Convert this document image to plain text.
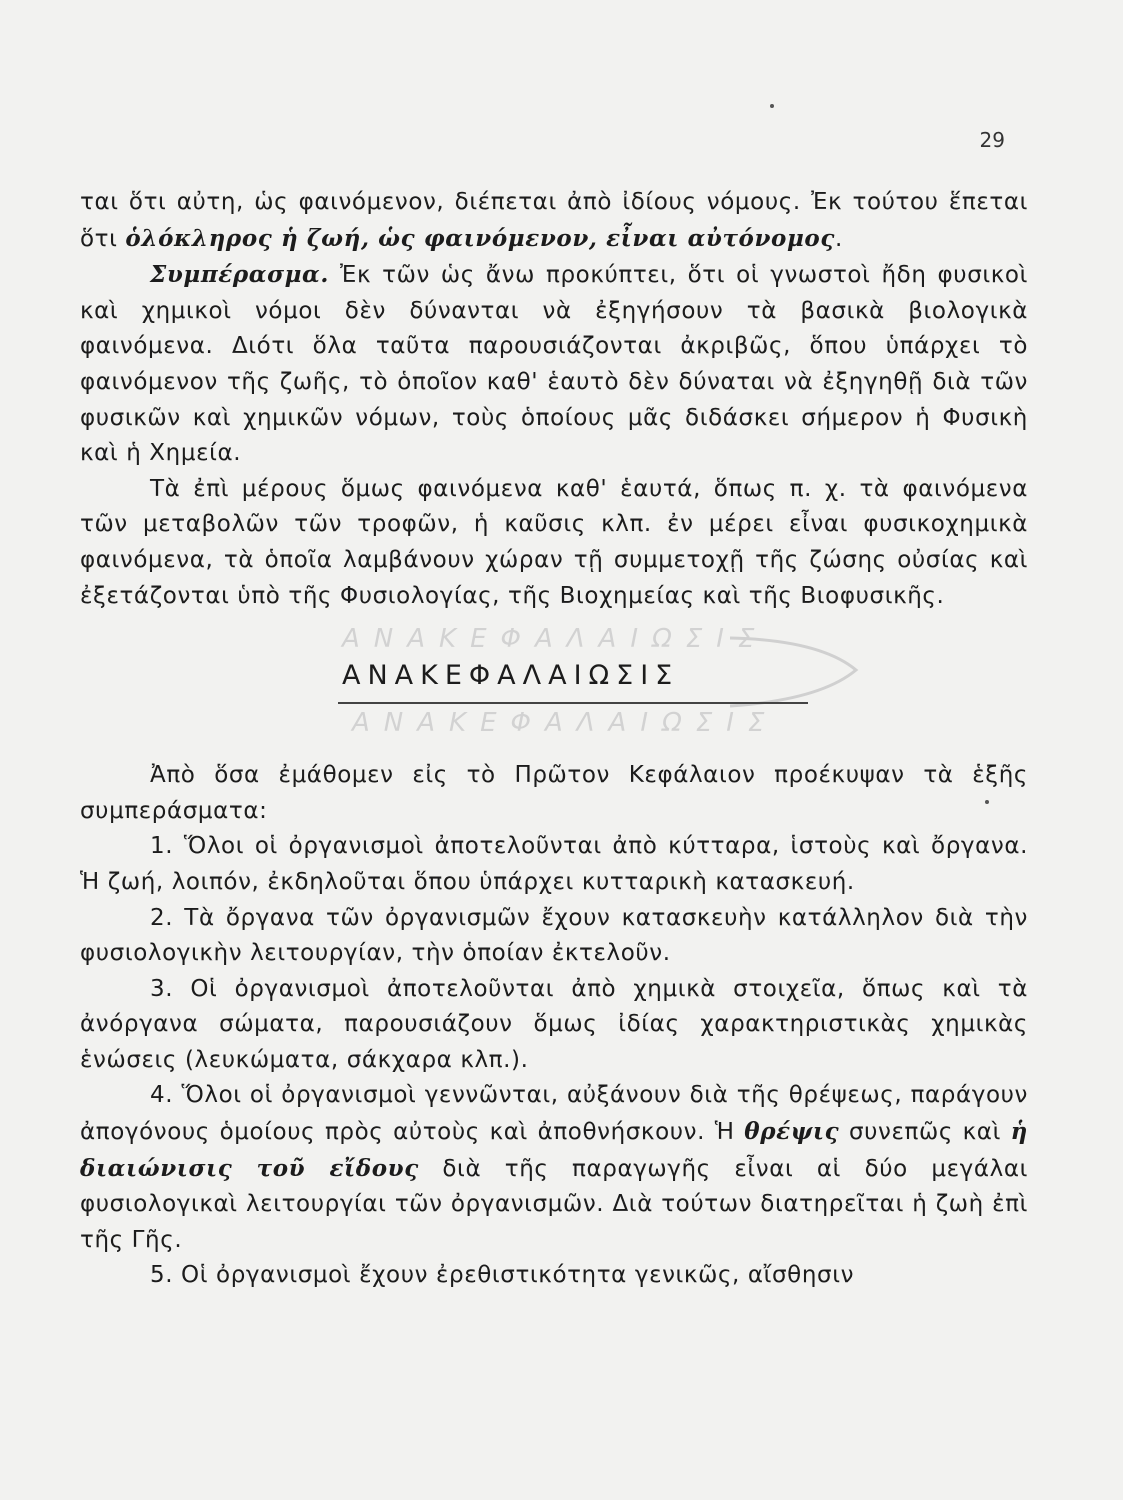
29

ται ὅτι αὐτη, ὡς φαινόμενον, διέπεται ἀπὸ ἰδίους νόμους. Ἐκ τούτου ἕπεται ὅτι ὁλόκληρος ἡ ζωή, ὡς φαινόμενον, εἶναι αὐτόνομος.

Συμπέρασμα. Ἐκ τῶν ὡς ἄνω προκύπτει, ὅτι οἱ γνωστοὶ ἤδη φυσικοὶ καὶ χημικοὶ νόμοι δὲν δύνανται νὰ ἐξηγήσουν τὰ βασικὰ βιολογικὰ φαινόμενα. Διότι ὅλα ταῦτα παρουσιάζονται ἀκριβῶς, ὅπου ὑπάρχει τὸ φαινόμενον τῆς ζωῆς, τὸ ὁποῖον καθ' ἑαυτὸ δὲν δύναται νὰ ἐξηγηθῇ διὰ τῶν φυσικῶν καὶ χημικῶν νόμων, τοὺς ὁποίους μᾶς διδάσκει σήμερον ἡ Φυσικὴ καὶ ἡ Χημεία.

Τὰ ἐπὶ μέρους ὅμως φαινόμενα καθ' ἑαυτά, ὅπως π. χ. τὰ φαινόμενα τῶν μεταβολῶν τῶν τροφῶν, ἡ καῦσις κλπ. ἐν μέρει εἶναι φυσικοχημικὰ φαινόμενα, τὰ ὁποῖα λαμβάνουν χώραν τῇ συμμετοχῇ τῆς ζώσης οὐσίας καὶ ἐξετάζονται ὑπὸ τῆς Φυσιολογίας, τῆς Βιοχημείας καὶ τῆς Βιοφυσικῆς.

ΑΝΑΚΕΦΑΛΑΙΩΣΙΣ
ΑΝΑΚΕΦΑΛΑΙΩΣΙΣ
ΑΝΑΚΕΦΑΛΑΙΩΣΙΣ

Ἀπὸ ὅσα ἐμάθομεν εἰς τὸ Πρῶτον Κεφάλαιον προέκυψαν τὰ ἑξῆς συμπεράσματα:

1. Ὅλοι οἱ ὀργανισμοὶ ἀποτελοῦνται ἀπὸ κύτταρα, ἱστοὺς καὶ ὄργανα. Ἡ ζωή, λοιπόν, ἐκδηλοῦται ὅπου ὑπάρχει κυτταρικὴ κατασκευή.

2. Τὰ ὄργανα τῶν ὀργανισμῶν ἔχουν κατασκευὴν κατάλληλον διὰ τὴν φυσιολογικὴν λειτουργίαν, τὴν ὁποίαν ἐκτελοῦν.

3. Οἱ ὀργανισμοὶ ἀποτελοῦνται ἀπὸ χημικὰ στοιχεῖα, ὅπως καὶ τὰ ἀνόργανα σώματα, παρουσιάζουν ὅμως ἰδίας χαρακτηριστικὰς χημικὰς ἑνώσεις (λευκώματα, σάκχαρα κλπ.).

4. Ὅλοι οἱ ὀργανισμοὶ γεννῶνται, αὐξάνουν διὰ τῆς θρέψεως, παράγουν ἀπογόνους ὁμοίους πρὸς αὐτοὺς καὶ ἀποθνήσκουν. Ἡ θρέψις συνεπῶς καὶ ἡ διαιώνισις τοῦ εἴδους διὰ τῆς παραγωγῆς εἶναι αἱ δύο μεγάλαι φυσιολογικαὶ λειτουργίαι τῶν ὀργανισμῶν. Διὰ τούτων διατηρεῖται ἡ ζωὴ ἐπὶ τῆς Γῆς.

5. Οἱ ὀργανισμοὶ ἔχουν ἐρεθιστικότητα γενικῶς, αἴσθησιν
